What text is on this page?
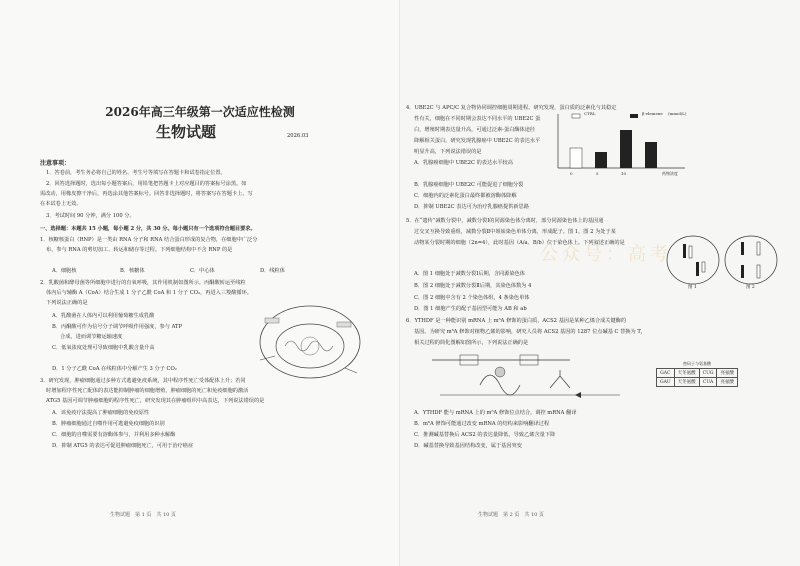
2026年高三年级第一次适应性检测
生物试题	2026.03
注意事项：
1．答卷前，考生务必将自己的姓名、考生号等填写在答题卡和试卷指定位置。
2．回答选择题时，选出每小题答案后，用铅笔把答题卡上对应题目的答案标号涂黑。如
需改动，用橡皮擦干净后，再选涂其他答案标号。回答非选择题时，将答案写在答题卡上。写
在本试卷上无效。
3．考试时间 90 分钟，满分 100 分。
一、选择题：本题共 15 小题，每小题 2 分，共 30 分。每小题只有一个选项符合题目要求。
1．核糖核蛋白（RNP）是一类由 RNA 分子和 RNA 结合蛋白形成的复合物，在细胞中广泛分
布，参与 RNA 的剪切加工、转运和储存等过程。下列细胞结构中不含 RNP 的是
A．细胞核	B．核糖体	C．中心体	D．线粒体
2．乳酸菌和酵母菌等所细胞中进行的有氧呼吸，其作用机制如图所示。丙酮酸转运至线粒
体内后与辅酶 A（CoA）结合生成 1 分子乙酰 CoA 和 1 分子 CO₂，再进入三羧酸循环。
下列说法正确的是
A．乳酸菌在人体内可以利用葡萄糖生成乳酸
B．丙酮酸可作为信号分子调节呼吸作用强度，参与 ATP
合成，进而调节糖运输速度
C．低氧浓度处理可导致细胞中乳酸含量升高
D．1 分子乙酰 CoA 在线粒体中分解产生 3 分子 CO₂
3．研究发现，肿瘤细胞通过多种方式逃避免疫系统，其中程序性死亡受体配体上升；若同
时增加程序性死亡配体的表达能抑制肿瘤的细胞增殖，肿瘤细胞的死亡和免疫细胞的激活
ATG5 基因可调节肿瘤细胞的程序性死亡，研究发现其在肿瘤组织中高表达，下列说法错误的是
A．该免疫疗法提高了肿瘤细胞的免疫原性
B．肿瘤细胞通过自噬作用可逃避免疫细胞的识别
C．细胞的自噬需要有溶酶体参与，并利用多种水解酶
D．抑制 ATG5 的表达可促进肿瘤细胞死亡，可用于治疗癌症
生物试题　第 1 页　共 10 页
4．UBE2C 与 APC/C 复合物协同调控细胞周期进程。研究发现，蛋白质的泛素化与其稳定
性有关，细胞在不同时期会表达不同水平的 UBE2C 蛋
白，增殖时期表达量升高，可通过泛素-蛋白酶体途径
降解相关蛋白。研究发现乳腺癌中 UBE2C 的表达水平
明显升高，下列说法错误的是
A．乳腺癌细胞中 UBE2C 的表达水平较高
B．乳腺癌细胞中 UBE2C 可能促进了细胞分裂
C．细胞内的泛素化蛋白最终都被溶酶体降解
D．抑制 UBE2C 表达可为治疗乳腺癌提供新思路
CTRL	β-elemene (mmol/L)
0	5	10	药物浓度
5．在“遗传”减数分裂中，减数分裂Ⅰ的同源染色体分离时，部分同源染色体上的基因通
过交叉互换导致重组，减数分裂Ⅱ中姐妹染色单体分离，形成配子。图 1、图 2 为处于某
动物某分裂时期的细胞（2n=4），此时基因（A/a、B/b）位于染色体上。下列叙述正确的是
A．图 1 细胞处于减数分裂Ⅰ后期，含同源染色体
B．图 2 细胞处于减数分裂Ⅱ后期，其染色体数为 4
C．图 2 细胞中含有 2 个染色体组，4 条染色单体
D．图 1 细胞产生的配子基因型可能为 AB 和 ab
图 1	图 2
6．YTHDF 是一种能识别 mRNA 上 m⁶A 修饰的蛋白质，ACS2 基因是某种乙烯合成关键酶的
基因。为研究 m⁶A 修饰对植物乙烯的影响，研究人员将 ACS2 基因的 1287 位点碱基 C 替换为 T，
相关过程的简化图解如图所示，下列说法正确的是
密码子与氨基酸			
GAC	天冬氨酸	CUG	亮氨酸
GAU	天冬氨酸	CUA	亮氨酸
A．YTHDF 能与 mRNA 上的 m⁶A 修饰位点结合，调控 mRNA 翻译
B．m⁶A 修饰可能通过改变 mRNA 的结构来影响翻译过程
C．推测碱基替换后 ACS2 的表达量降低，导致乙烯含量下降
D．碱基替换导致基因结构改变，属于基因突变
生物试题　第 2 页　共 10 页
公众号：高考
